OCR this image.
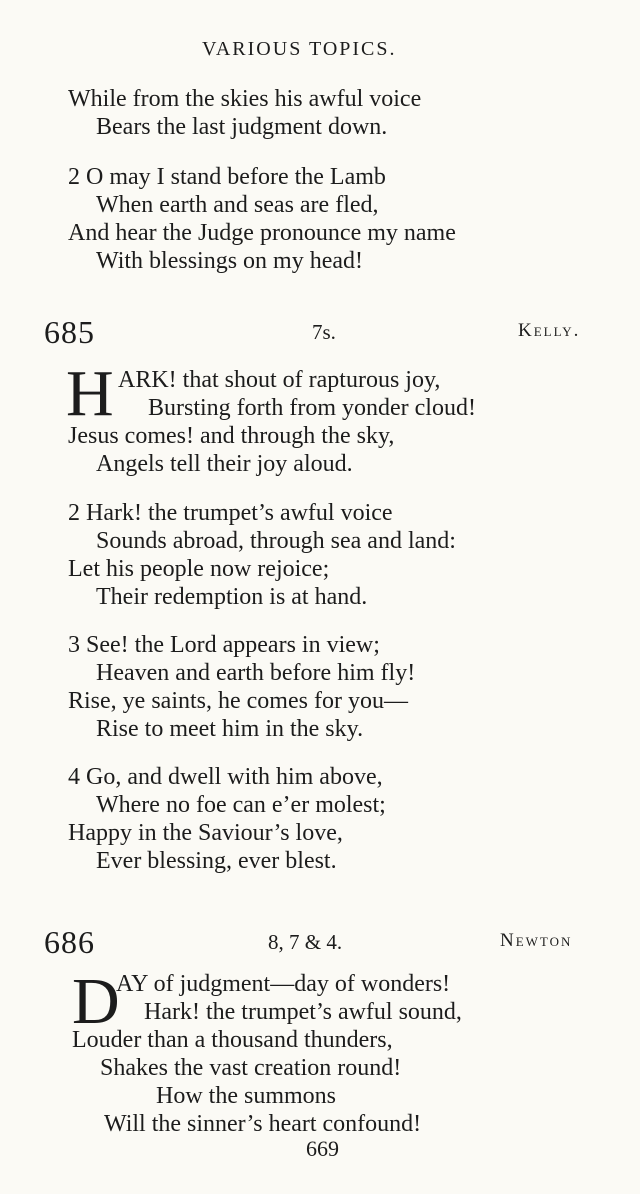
VARIOUS TOPICS.
While from the skies his awful voice
Bears the last judgment down.
2 O may I stand before the Lamb
When earth and seas are fled,
And hear the Judge pronounce my name
With blessings on my head!
685	7s.	Kelly.
H ARK! that shout of rapturous joy,
Bursting forth from yonder cloud!
Jesus comes! and through the sky,
Angels tell their joy aloud.
2 Hark! the trumpet’s awful voice
Sounds abroad, through sea and land:
Let his people now rejoice;
Their redemption is at hand.
3 See! the Lord appears in view;
Heaven and earth before him fly!
Rise, ye saints, he comes for you—
Rise to meet him in the sky.
4 Go, and dwell with him above,
Where no foe can e’er molest;
Happy in the Saviour’s love,
Ever blessing, ever blest.
686	8, 7 & 4.	Newton
D
AY of judgment—day of wonders!
Hark! the trumpet’s awful sound,
Louder than a thousand thunders,
Shakes the vast creation round!
How the summons
Will the sinner’s heart confound!
669
